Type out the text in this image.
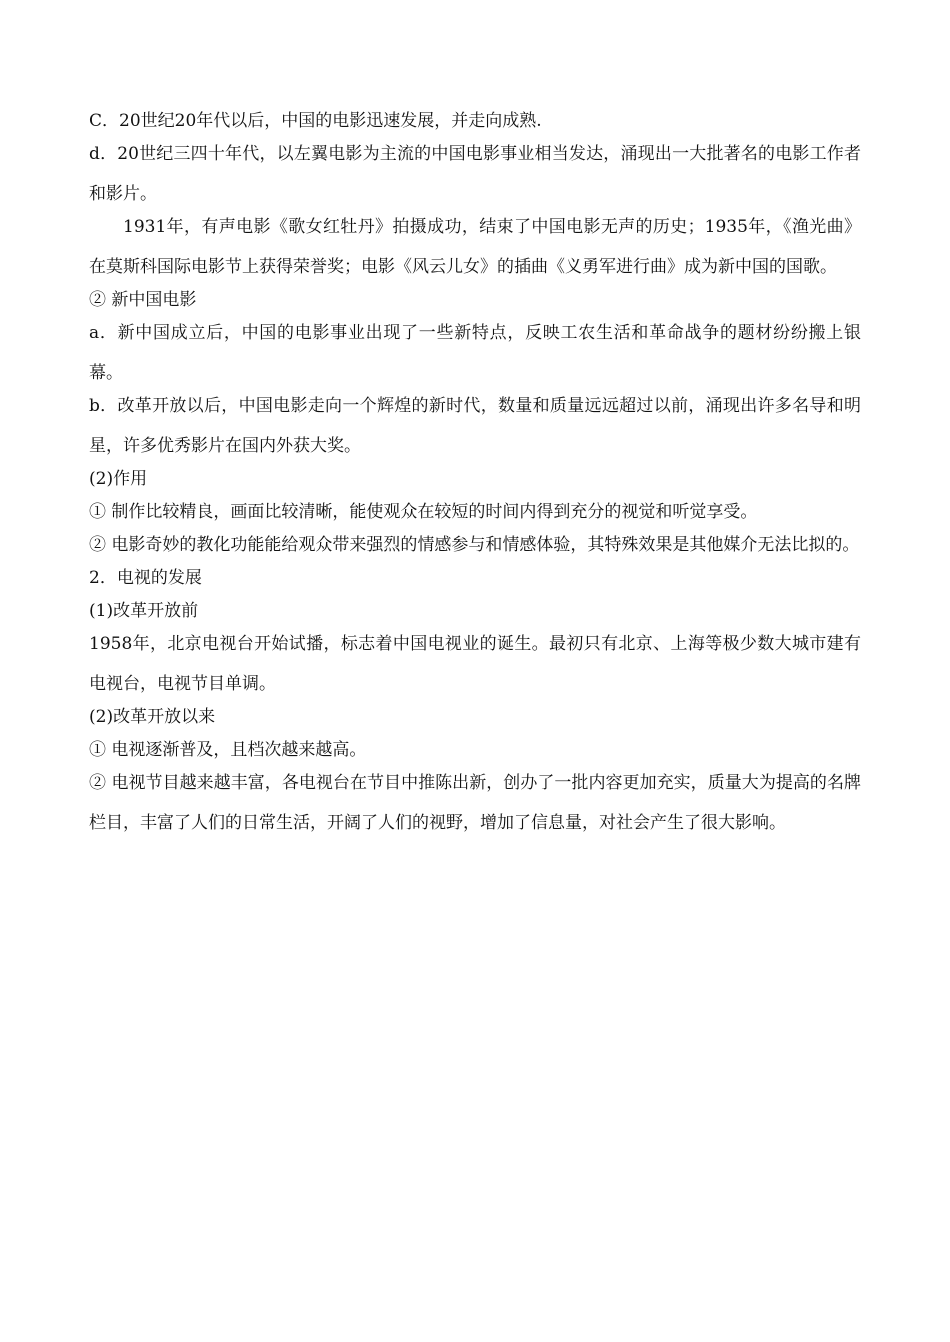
C．20世纪20年代以后，中国的电影迅速发展，并走向成熟.

d．20世纪三四十年代，以左翼电影为主流的中国电影事业相当发达，涌现出一大批著名的电影工作者和影片。

1931年，有声电影《歌女红牡丹》拍摄成功，结束了中国电影无声的历史；1935年，《渔光曲》在莫斯科国际电影节上获得荣誉奖；电影《风云儿女》的插曲《义勇军进行曲》成为新中国的国歌。

② 新中国电影

a．新中国成立后，中国的电影事业出现了一些新特点，反映工农生活和革命战争的题材纷纷搬上银幕。

b．改革开放以后，中国电影走向一个辉煌的新时代，数量和质量远远超过以前，涌现出许多名导和明星，许多优秀影片在国内外获大奖。

(2)作用

① 制作比较精良，画面比较清晰，能使观众在较短的时间内得到充分的视觉和听觉享受。

② 电影奇妙的教化功能能给观众带来强烈的情感参与和情感体验，其特殊效果是其他媒介无法比拟的。

2．电视的发展

(1)改革开放前

1958年，北京电视台开始试播，标志着中国电视业的诞生。最初只有北京、上海等极少数大城市建有电视台，电视节目单调。

(2)改革开放以来

① 电视逐渐普及，且档次越来越高。

② 电视节目越来越丰富，各电视台在节目中推陈出新，创办了一批内容更加充实，质量大为提高的名牌栏目，丰富了人们的日常生活，开阔了人们的视野，增加了信息量，对社会产生了很大影响。
